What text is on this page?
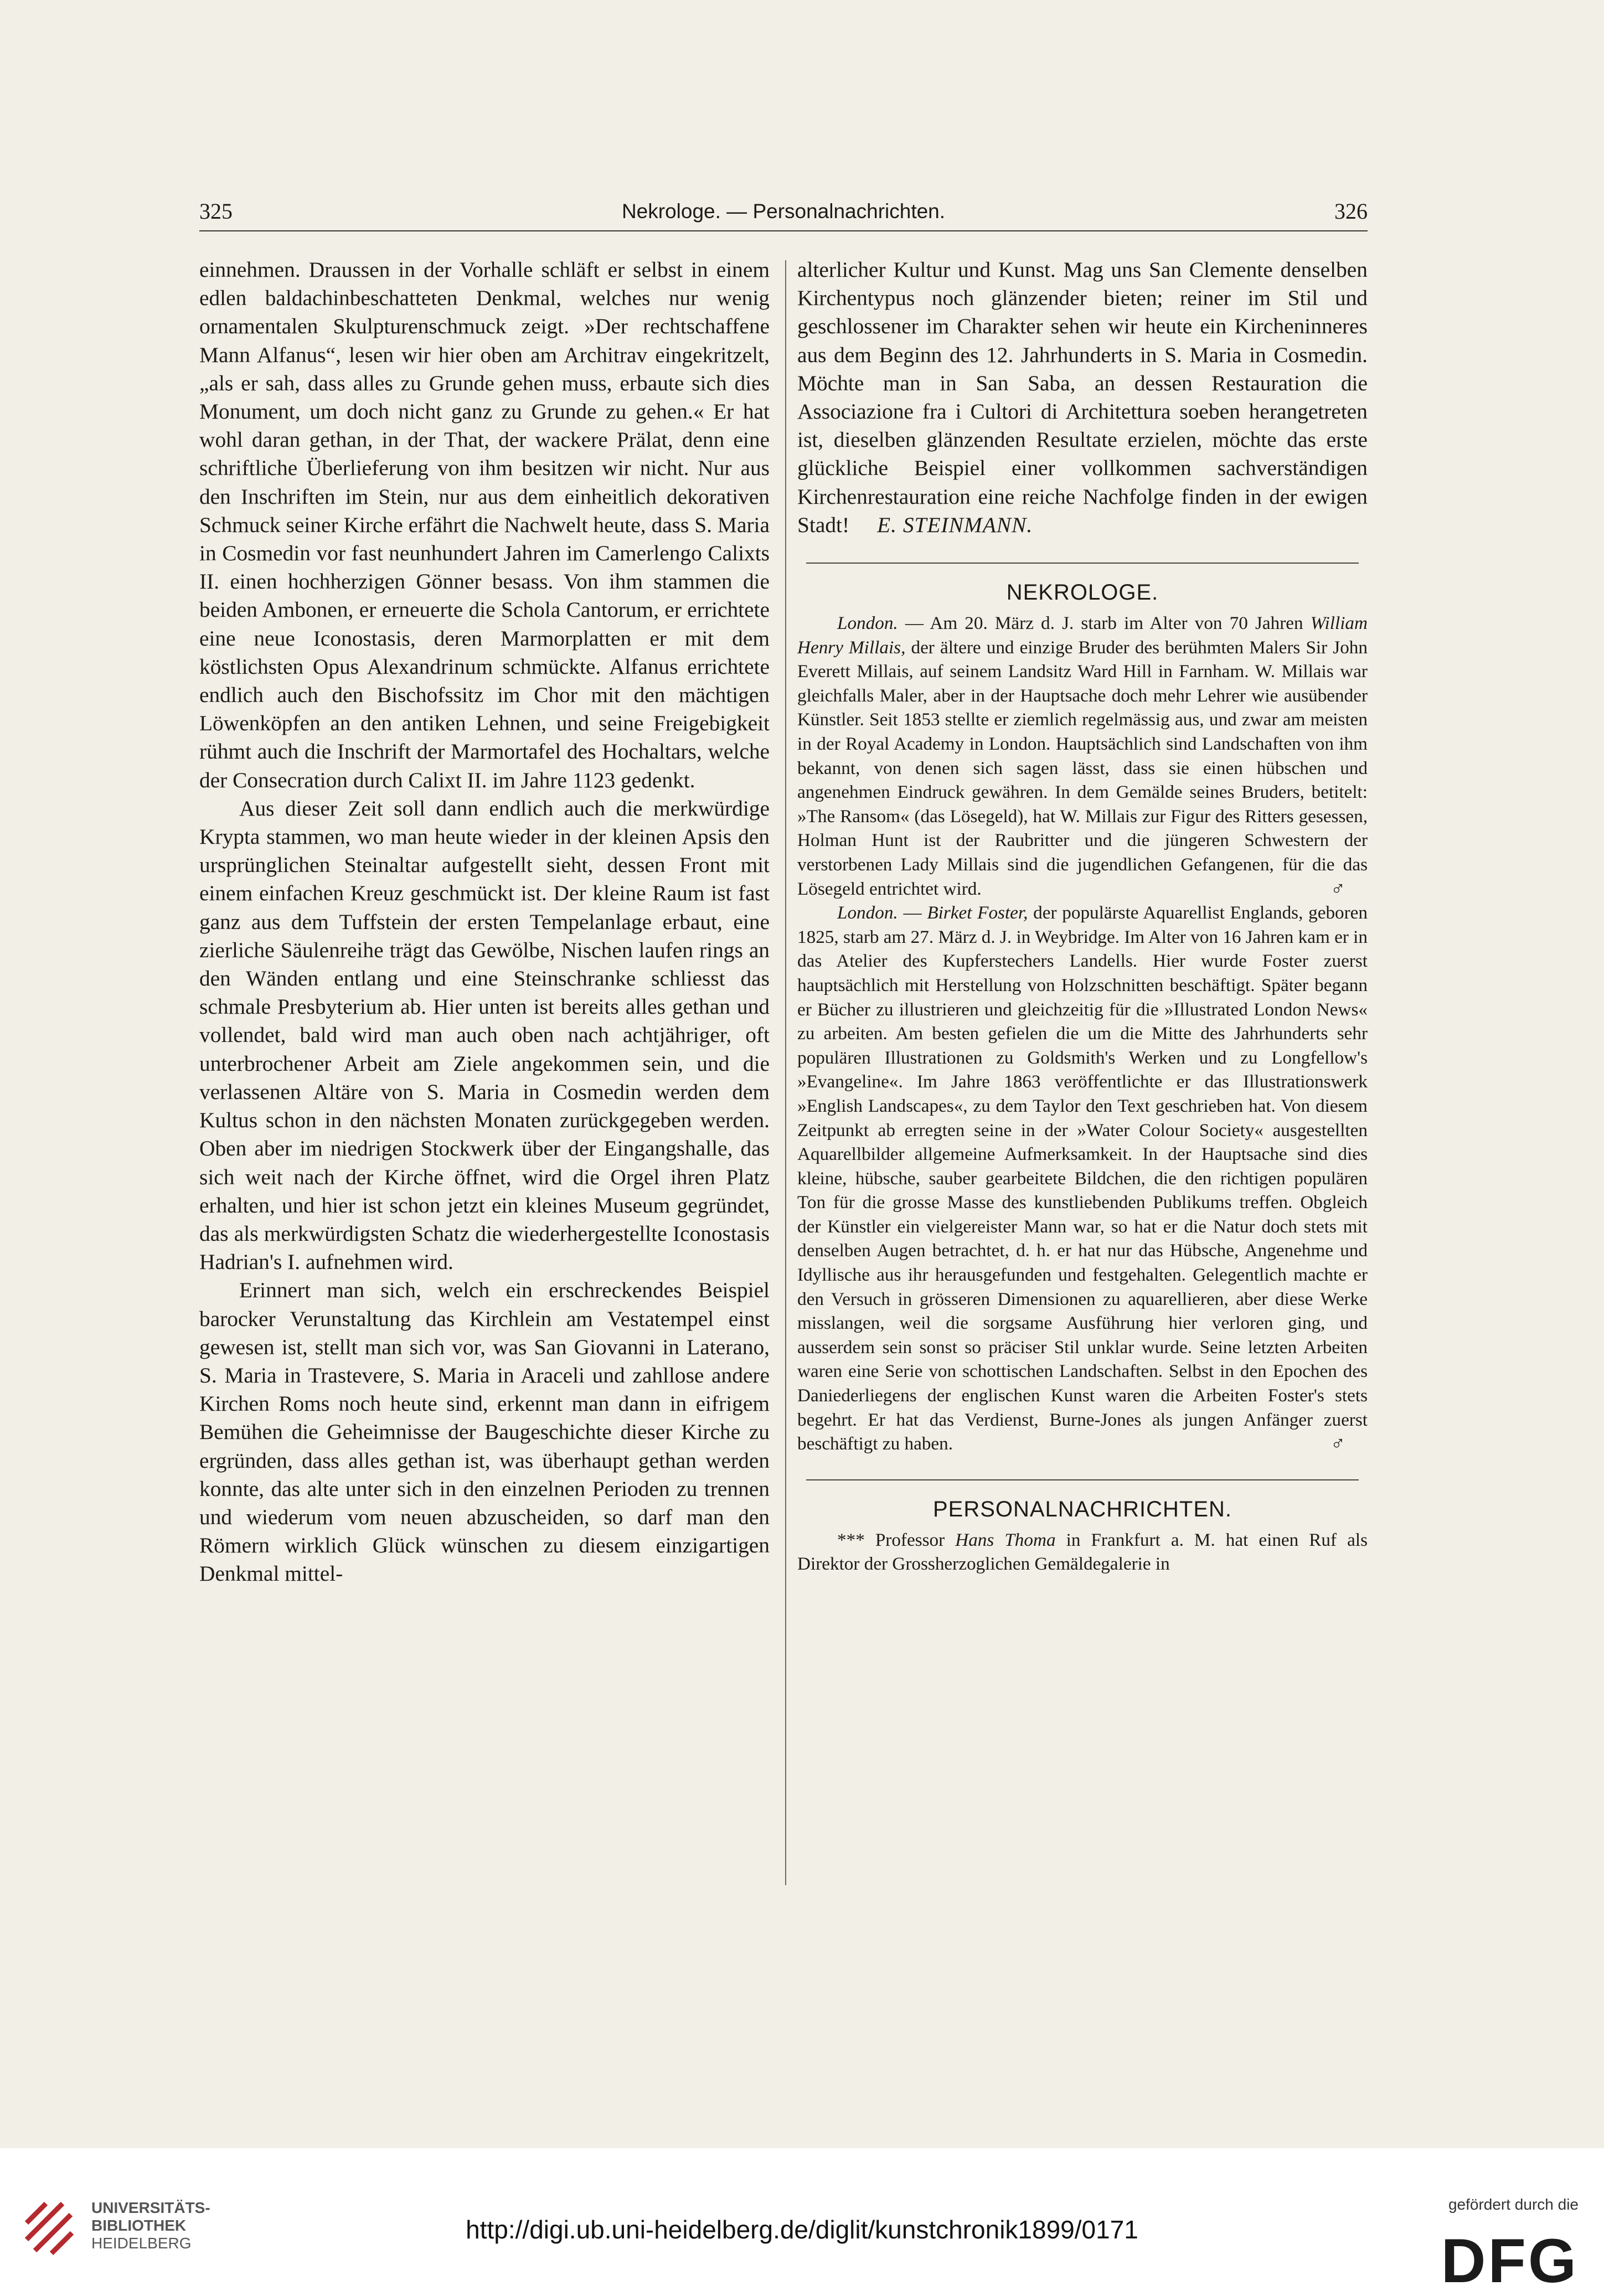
325	Nekrologe. — Personalnachrichten.	326

einnehmen. Draussen in der Vorhalle schläft er selbst in einem edlen baldachinbeschatteten Denkmal, welches nur wenig ornamentalen Skulpturenschmuck zeigt. »Der rechtschaffene Mann Alfanus“, lesen wir hier oben am Architrav eingekritzelt, „als er sah, dass alles zu Grunde gehen muss, erbaute sich dies Monument, um doch nicht ganz zu Grunde zu gehen.« Er hat wohl daran gethan, in der That, der wackere Prälat, denn eine schriftliche Überlieferung von ihm besitzen wir nicht. Nur aus den Inschriften im Stein, nur aus dem einheitlich dekorativen Schmuck seiner Kirche erfährt die Nachwelt heute, dass S. Maria in Cosmedin vor fast neunhundert Jahren im Camerlengo Calixts II. einen hochherzigen Gönner besass. Von ihm stammen die beiden Ambonen, er erneuerte die Schola Cantorum, er errichtete eine neue Iconostasis, deren Marmorplatten er mit dem köstlichsten Opus Alexandrinum schmückte. Alfanus errichtete endlich auch den Bischofssitz im Chor mit den mächtigen Löwenköpfen an den antiken Lehnen, und seine Freigebigkeit rühmt auch die Inschrift der Marmortafel des Hochaltars, welche der Consecration durch Calixt II. im Jahre 1123 gedenkt.

Aus dieser Zeit soll dann endlich auch die merkwürdige Krypta stammen, wo man heute wieder in der kleinen Apsis den ursprünglichen Steinaltar aufgestellt sieht, dessen Front mit einem einfachen Kreuz geschmückt ist. Der kleine Raum ist fast ganz aus dem Tuffstein der ersten Tempelanlage erbaut, eine zierliche Säulenreihe trägt das Gewölbe, Nischen laufen rings an den Wänden entlang und eine Steinschranke schliesst das schmale Presbyterium ab. Hier unten ist bereits alles gethan und vollendet, bald wird man auch oben nach achtjähriger, oft unterbrochener Arbeit am Ziele angekommen sein, und die verlassenen Altäre von S. Maria in Cosmedin werden dem Kultus schon in den nächsten Monaten zurückgegeben werden. Oben aber im niedrigen Stockwerk über der Eingangshalle, das sich weit nach der Kirche öffnet, wird die Orgel ihren Platz erhalten, und hier ist schon jetzt ein kleines Museum gegründet, das als merkwürdigsten Schatz die wiederhergestellte Iconostasis Hadrian's I. aufnehmen wird.

Erinnert man sich, welch ein erschreckendes Beispiel barocker Verunstaltung das Kirchlein am Vestatempel einst gewesen ist, stellt man sich vor, was San Giovanni in Laterano, S. Maria in Trastevere, S. Maria in Araceli und zahllose andere Kirchen Roms noch heute sind, erkennt man dann in eifrigem Bemühen die Geheimnisse der Baugeschichte dieser Kirche zu ergründen, dass alles gethan ist, was überhaupt gethan werden konnte, das alte unter sich in den einzelnen Perioden zu trennen und wiederum vom neuen abzuscheiden, so darf man den Römern wirklich Glück wünschen zu diesem einzigartigen Denkmal mittel-

alterlicher Kultur und Kunst. Mag uns San Clemente denselben Kirchentypus noch glänzender bieten; reiner im Stil und geschlossener im Charakter sehen wir heute ein Kircheninneres aus dem Beginn des 12. Jahrhunderts in S. Maria in Cosmedin. Möchte man in San Saba, an dessen Restauration die Associazione fra i Cultori di Architettura soeben herangetreten ist, dieselben glänzenden Resultate erzielen, möchte das erste glückliche Beispiel einer vollkommen sachverständigen Kirchenrestauration eine reiche Nachfolge finden in der ewigen Stadt! E. STEINMANN.

NEKROLOGE.

London. — Am 20. März d. J. starb im Alter von 70 Jahren William Henry Millais, der ältere und einzige Bruder des berühmten Malers Sir John Everett Millais, auf seinem Landsitz Ward Hill in Farnham. W. Millais war gleichfalls Maler, aber in der Hauptsache doch mehr Lehrer wie ausübender Künstler. Seit 1853 stellte er ziemlich regelmässig aus, und zwar am meisten in der Royal Academy in London. Hauptsächlich sind Landschaften von ihm bekannt, von denen sich sagen lässt, dass sie einen hübschen und angenehmen Eindruck gewähren. In dem Gemälde seines Bruders, betitelt: »The Ransom« (das Lösegeld), hat W. Millais zur Figur des Ritters gesessen, Holman Hunt ist der Raubritter und die jüngeren Schwestern der verstorbenen Lady Millais sind die jugendlichen Gefangenen, für die das Lösegeld entrichtet wird.	♂

London. — Birket Foster, der populärste Aquarellist Englands, geboren 1825, starb am 27. März d. J. in Weybridge. Im Alter von 16 Jahren kam er in das Atelier des Kupferstechers Landells. Hier wurde Foster zuerst hauptsächlich mit Herstellung von Holzschnitten beschäftigt. Später begann er Bücher zu illustrieren und gleichzeitig für die »Illustrated London News« zu arbeiten. Am besten gefielen die um die Mitte des Jahrhunderts sehr populären Illustrationen zu Goldsmith's Werken und zu Longfellow's »Evangeline«. Im Jahre 1863 veröffentlichte er das Illustrationswerk »English Landscapes«, zu dem Taylor den Text geschrieben hat. Von diesem Zeitpunkt ab erregten seine in der »Water Colour Society« ausgestellten Aquarellbilder allgemeine Aufmerksamkeit. In der Hauptsache sind dies kleine, hübsche, sauber gearbeitete Bildchen, die den richtigen populären Ton für die grosse Masse des kunstliebenden Publikums treffen. Obgleich der Künstler ein vielgereister Mann war, so hat er die Natur doch stets mit denselben Augen betrachtet, d. h. er hat nur das Hübsche, Angenehme und Idyllische aus ihr herausgefunden und festgehalten. Gelegentlich machte er den Versuch in grösseren Dimensionen zu aquarellieren, aber diese Werke misslangen, weil die sorgsame Ausführung hier verloren ging, und ausserdem sein sonst so präciser Stil unklar wurde. Seine letzten Arbeiten waren eine Serie von schottischen Landschaften. Selbst in den Epochen des Daniederliegens der englischen Kunst waren die Arbeiten Foster's stets begehrt. Er hat das Verdienst, Burne-Jones als jungen Anfänger zuerst beschäftigt zu haben.	♂

PERSONALNACHRICHTEN.

*** Professor Hans Thoma in Frankfurt a. M. hat einen Ruf als Direktor der Grossherzoglichen Gemäldegalerie in

UNIVERSITÄTS-
BIBLIOTHEK
HEIDELBERG	http://digi.ub.uni-heidelberg.de/diglit/kunstchronik1899/0171
gefördert durch die
DFG
